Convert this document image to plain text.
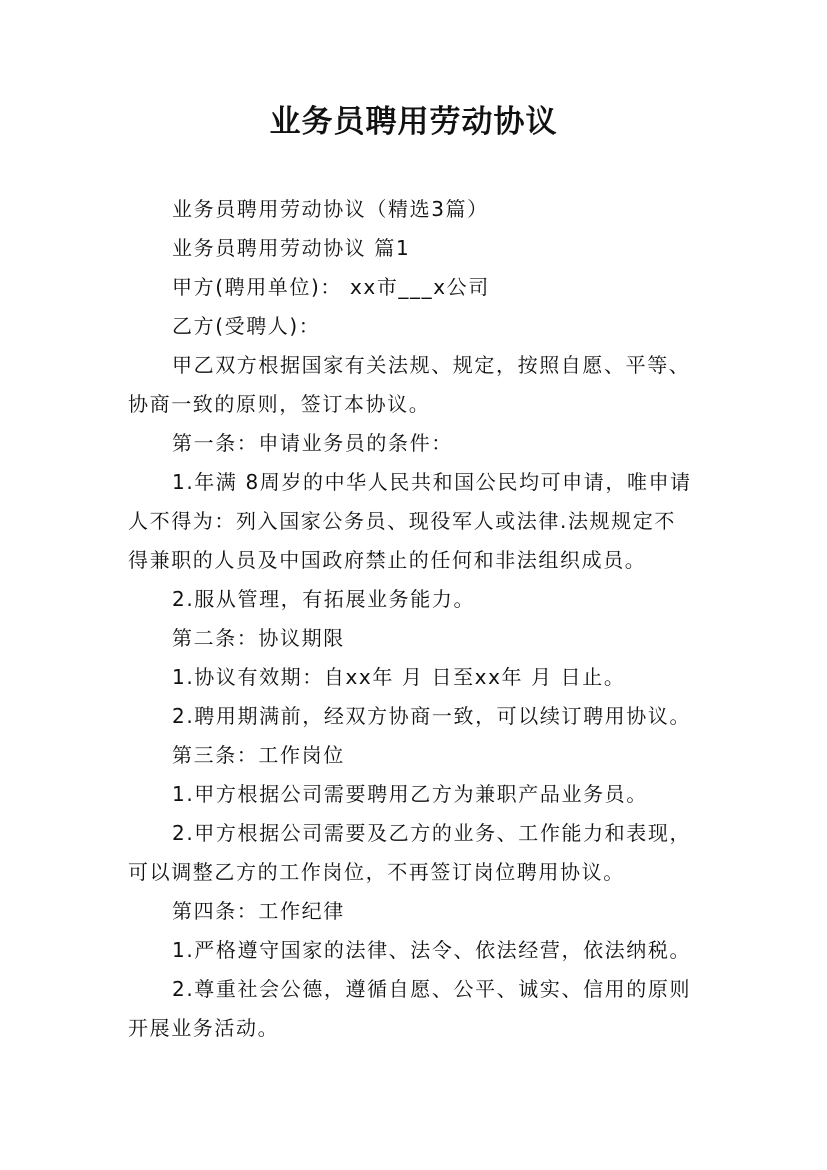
业务员聘用劳动协议
业务员聘用劳动协议（精选3篇）
业务员聘用劳动协议 篇1
甲方(聘用单位)： xx市___x公司
乙方(受聘人)：
甲乙双方根据国家有关法规、规定，按照自愿、平等、
协商一致的原则，签订本协议。
第一条：申请业务员的条件：
1.年满 8周岁的中华人民共和国公民均可申请，唯申请
人不得为：列入国家公务员、现役军人或法律.法规规定不
得兼职的人员及中国政府禁止的任何和非法组织成员。
2.服从管理，有拓展业务能力。
第二条：协议期限
1.协议有效期：自xx年 月 日至xx年 月 日止。
2.聘用期满前，经双方协商一致，可以续订聘用协议。
第三条：工作岗位
1.甲方根据公司需要聘用乙方为兼职产品业务员。
2.甲方根据公司需要及乙方的业务、工作能力和表现，
可以调整乙方的工作岗位，不再签订岗位聘用协议。
第四条：工作纪律
1.严格遵守国家的法律、法令、依法经营，依法纳税。
2.尊重社会公德，遵循自愿、公平、诚实、信用的原则
开展业务活动。
